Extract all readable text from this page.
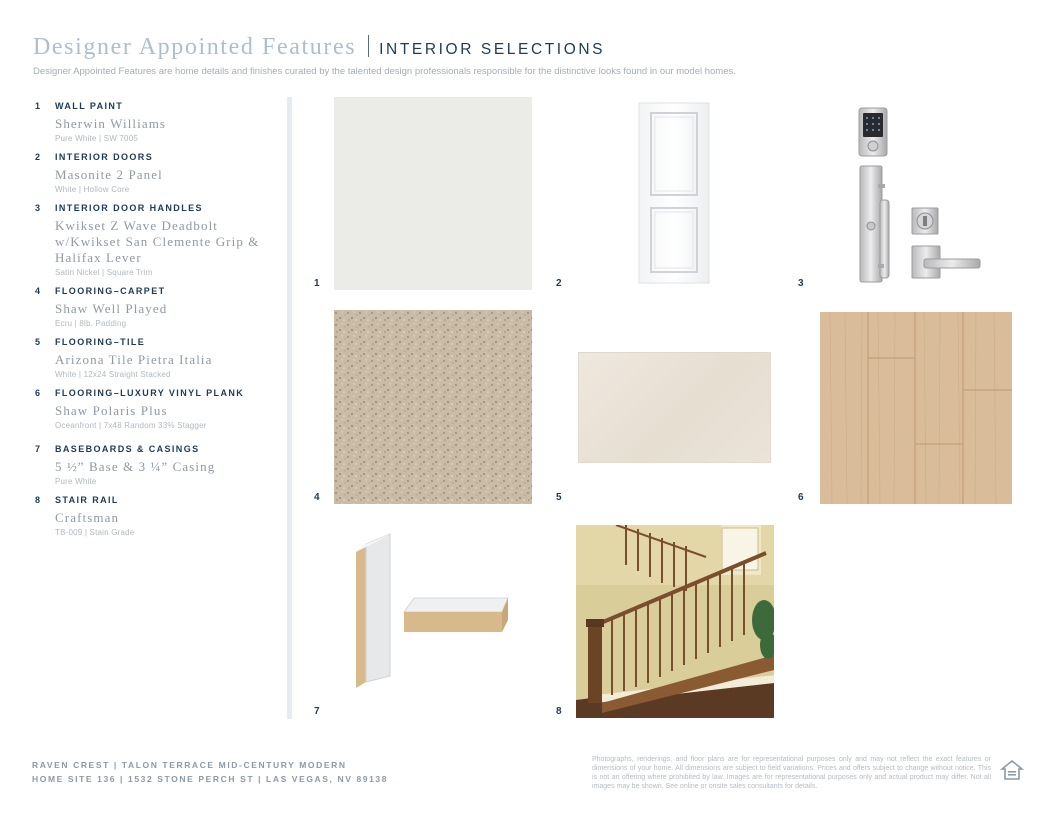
Designer Appointed Features INTERIOR SELECTIONS
Designer Appointed Features are home details and finishes curated by the talented design professionals responsible for the distinctive looks found in our model homes.
1 WALL PAINT
Sherwin Williams
Pure White | SW 7005
2 INTERIOR DOORS
Masonite 2 Panel
White | Hollow Core
3 INTERIOR DOOR HANDLES
Kwikset Z Wave Deadbolt w/Kwikset San Clemente Grip & Halifax Lever
Satin Nickel | Square Trim
4 FLOORING–CARPET
Shaw Well Played
Ecru | 8lb. Padding
5 FLOORING–TILE
Arizona Tile Pietra Italia
White | 12x24 Straight Stacked
6 FLOORING–LUXURY VINYL PLANK
Shaw Polaris Plus
Oceanfront | 7x48 Random 33% Stagger
7 BASEBOARDS & CASINGS
5 ½” Base & 3 ¼” Casing
Pure White
8 STAIR RAIL
Craftsman
TB-009 | Stain Grade
1	2	3
4	5	6
7	8
RAVEN CREST | TALON TERRACE MID-CENTURY MODERN
HOME SITE 136 | 1532 STONE PERCH ST | LAS VEGAS, NV 89138
Photographs, renderings, and floor plans are for representational purposes only and may not reflect the exact features or dimensions of your home. All dimensions are subject to field variations. Prices and offers subject to change without notice. This is not an offering where prohibited by law. Images are for representational purposes only and actual product may differ. Not all images may be shown. See online or onsite sales consultants for details.
